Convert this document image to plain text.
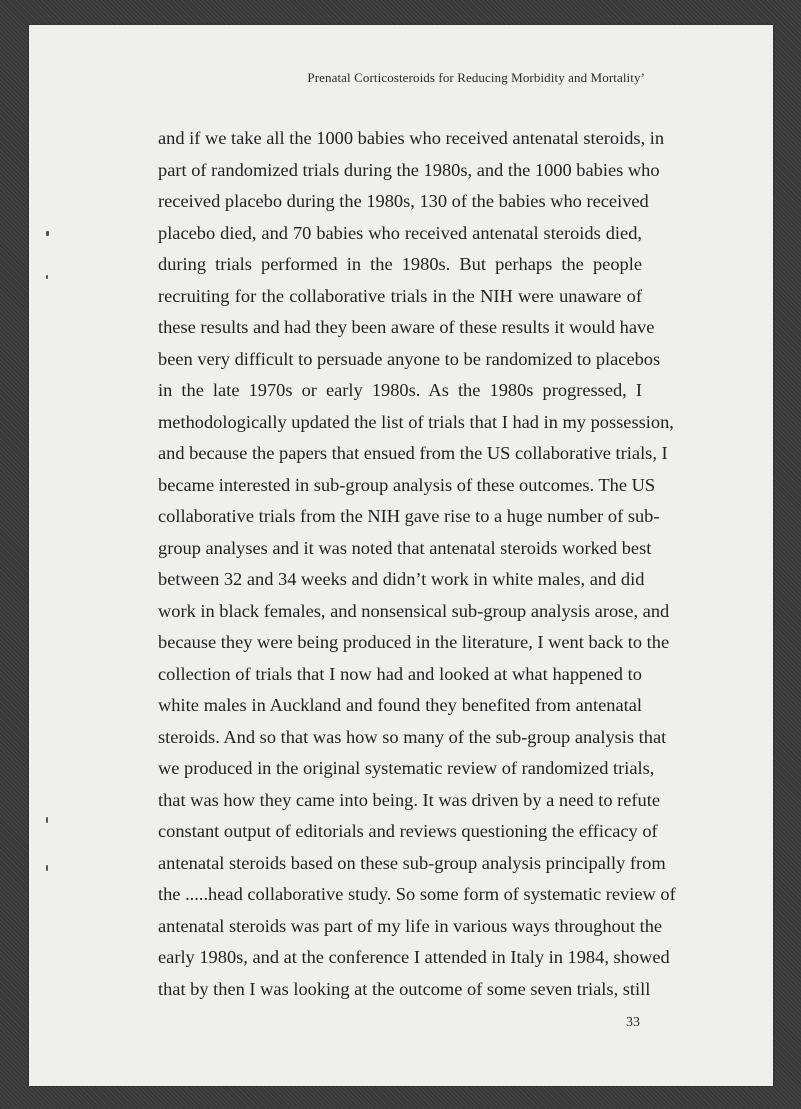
Prenatal Corticosteroids for Reducing Morbidity and Mortality’
and if we take all the 1000 babies who received antenatal steroids, in
part of randomized trials during the 1980s, and the 1000 babies who
received placebo during the 1980s, 130 of the babies who received
placebo died, and 70 babies who received antenatal steroids died,
during trials performed in the 1980s. But perhaps the people
recruiting for the collaborative trials in the NIH were unaware of
these results and had they been aware of these results it would have
been very difficult to persuade anyone to be randomized to placebos
in the late 1970s or early 1980s. As the 1980s progressed, I
methodologically updated the list of trials that I had in my possession,
and because the papers that ensued from the US collaborative trials, I
became interested in sub-group analysis of these outcomes. The US
collaborative trials from the NIH gave rise to a huge number of sub-
group analyses and it was noted that antenatal steroids worked best
between 32 and 34 weeks and didn’t work in white males, and did
work in black females, and nonsensical sub-group analysis arose, and
because they were being produced in the literature, I went back to the
collection of trials that I now had and looked at what happened to
white males in Auckland and found they benefited from antenatal
steroids. And so that was how so many of the sub-group analysis that
we produced in the original systematic review of randomized trials,
that was how they came into being. It was driven by a need to refute
constant output of editorials and reviews questioning the efficacy of
antenatal steroids based on these sub-group analysis principally from
the .....head collaborative study. So some form of systematic review of
antenatal steroids was part of my life in various ways throughout the
early 1980s, and at the conference I attended in Italy in 1984, showed
that by then I was looking at the outcome of some seven trials, still
33
